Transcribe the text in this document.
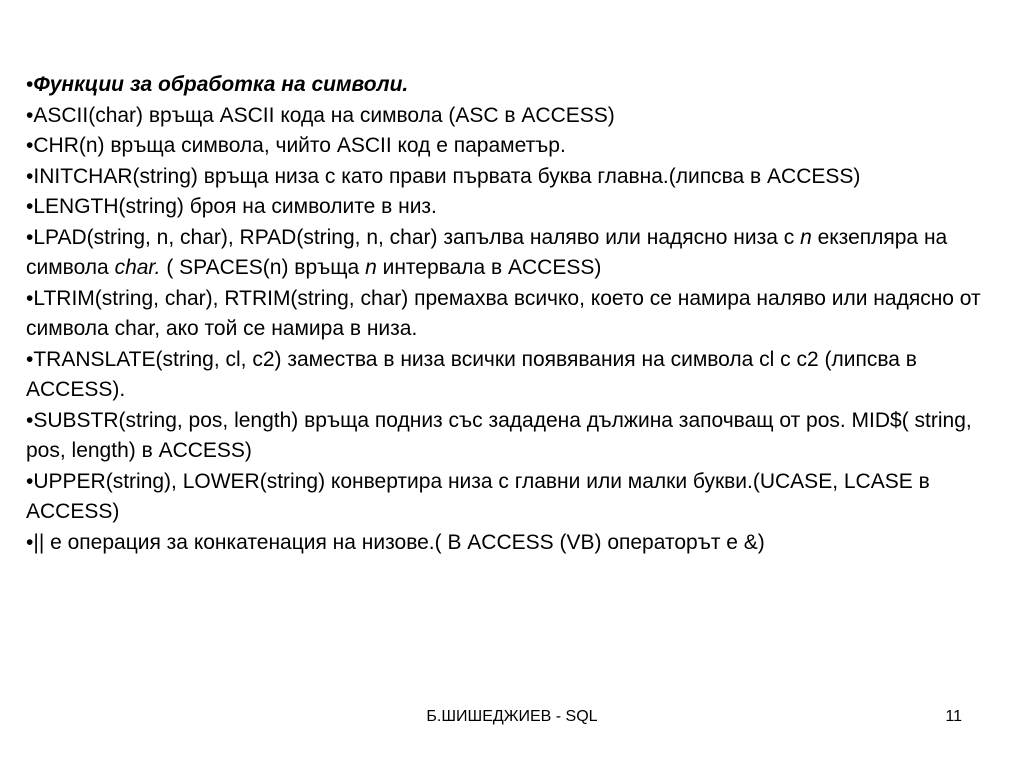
•Функции за обработка на символи.

•ASCII(char) връща ASCII кода на символа (ASC в ACCESS)

•CHR(n) връща символа, чийто ASCII код е параметър.

•INITCHAR(string) връща низа с като прави първата буква главна.(липсва в ACCESS)

•LENGTH(string) броя на символите в низ.

•LPAD(string, n, char), RPAD(string, n, char) запълва наляво или надясно низа с n екзепляра на символа char. ( SPACES(n) връща n интервала в ACCESS)

•LTRIM(string, char), RTRIM(string, char) премахва всичко, което се намира наляво или надясно от символа char, ако той се намира в низа.

•TRANSLATE(string, cl, c2) замества в низа всички появявания на символа cl с c2 (липсва в ACCESS).

•SUBSTR(string, pos, length) връща подниз със зададена дължина започващ от pos. MID$( string, pos, length) в ACCESS)

•UPPER(string), LOWER(string) конвертира низа с главни или малки букви.(UCASE, LCASE в ACCESS)

•|| е операция за конкатенация на низове.( В ACCESS (VB) операторът е &)

Б.ШИШЕДЖИЕВ - SQL	11
